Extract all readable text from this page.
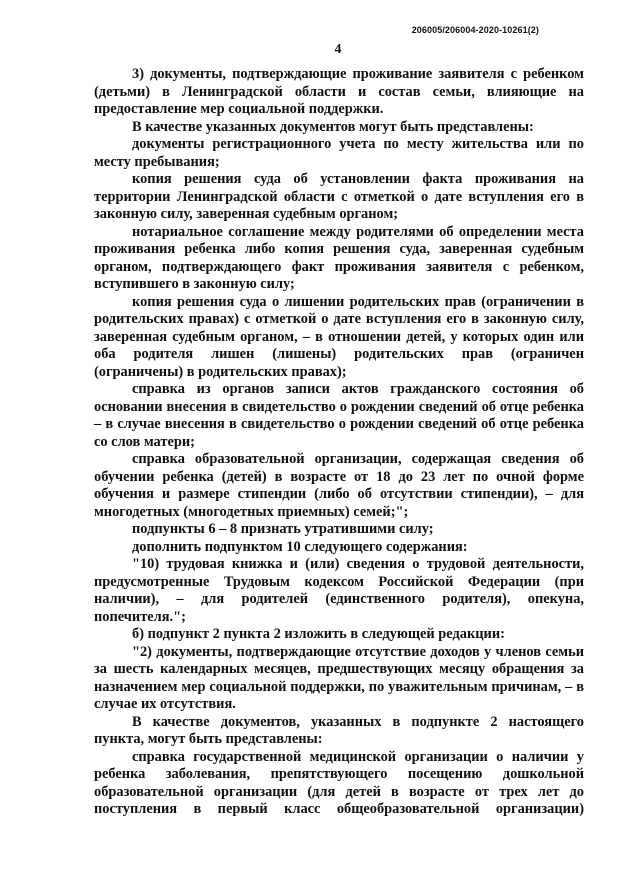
206005/206004-2020-10261(2)
4

3) документы, подтверждающие проживание заявителя с ребенком (детьми) в Ленинградской области и состав семьи, влияющие на предоставление мер социальной поддержки.

В качестве указанных документов могут быть представлены:

документы регистрационного учета по месту жительства или по месту пребывания;

копия решения суда об установлении факта проживания на территории Ленинградской области с отметкой о дате вступления его в законную силу, заверенная судебным органом;

нотариальное соглашение между родителями об определении места проживания ребенка либо копия решения суда, заверенная судебным органом, подтверждающего факт проживания заявителя с ребенком, вступившего в законную силу;

копия решения суда о лишении родительских прав (ограничении в родительских правах) с отметкой о дате вступления его в законную силу, заверенная судебным органом, – в отношении детей, у которых один или оба родителя лишен (лишены) родительских прав (ограничен (ограничены) в родительских правах);

справка из органов записи актов гражданского состояния об основании внесения в свидетельство о рождении сведений об отце ребенка – в случае внесения в свидетельство о рождении сведений об отце ребенка со слов матери;

справка образовательной организации, содержащая сведения об обучении ребенка (детей) в возрасте от 18 до 23 лет по очной форме обучения и размере стипендии (либо об отсутствии стипендии), – для многодетных (многодетных приемных) семей;";

подпункты 6 – 8 признать утратившими силу;

дополнить подпунктом 10 следующего содержания:

"10) трудовая книжка и (или) сведения о трудовой деятельности, предусмотренные Трудовым кодексом Российской Федерации (при наличии), – для родителей (единственного родителя), опекуна, попечителя.";

б) подпункт 2 пункта 2 изложить в следующей редакции:

"2) документы, подтверждающие отсутствие доходов у членов семьи за шесть календарных месяцев, предшествующих месяцу обращения за назначением мер социальной поддержки, по уважительным причинам, – в случае их отсутствия.

В качестве документов, указанных в подпункте 2 настоящего пункта, могут быть представлены:

справка государственной медицинской организации о наличии у ребенка заболевания, препятствующего посещению дошкольной образовательной организации (для детей в возрасте от трех лет до поступления в первый класс общеобразовательной организации)
